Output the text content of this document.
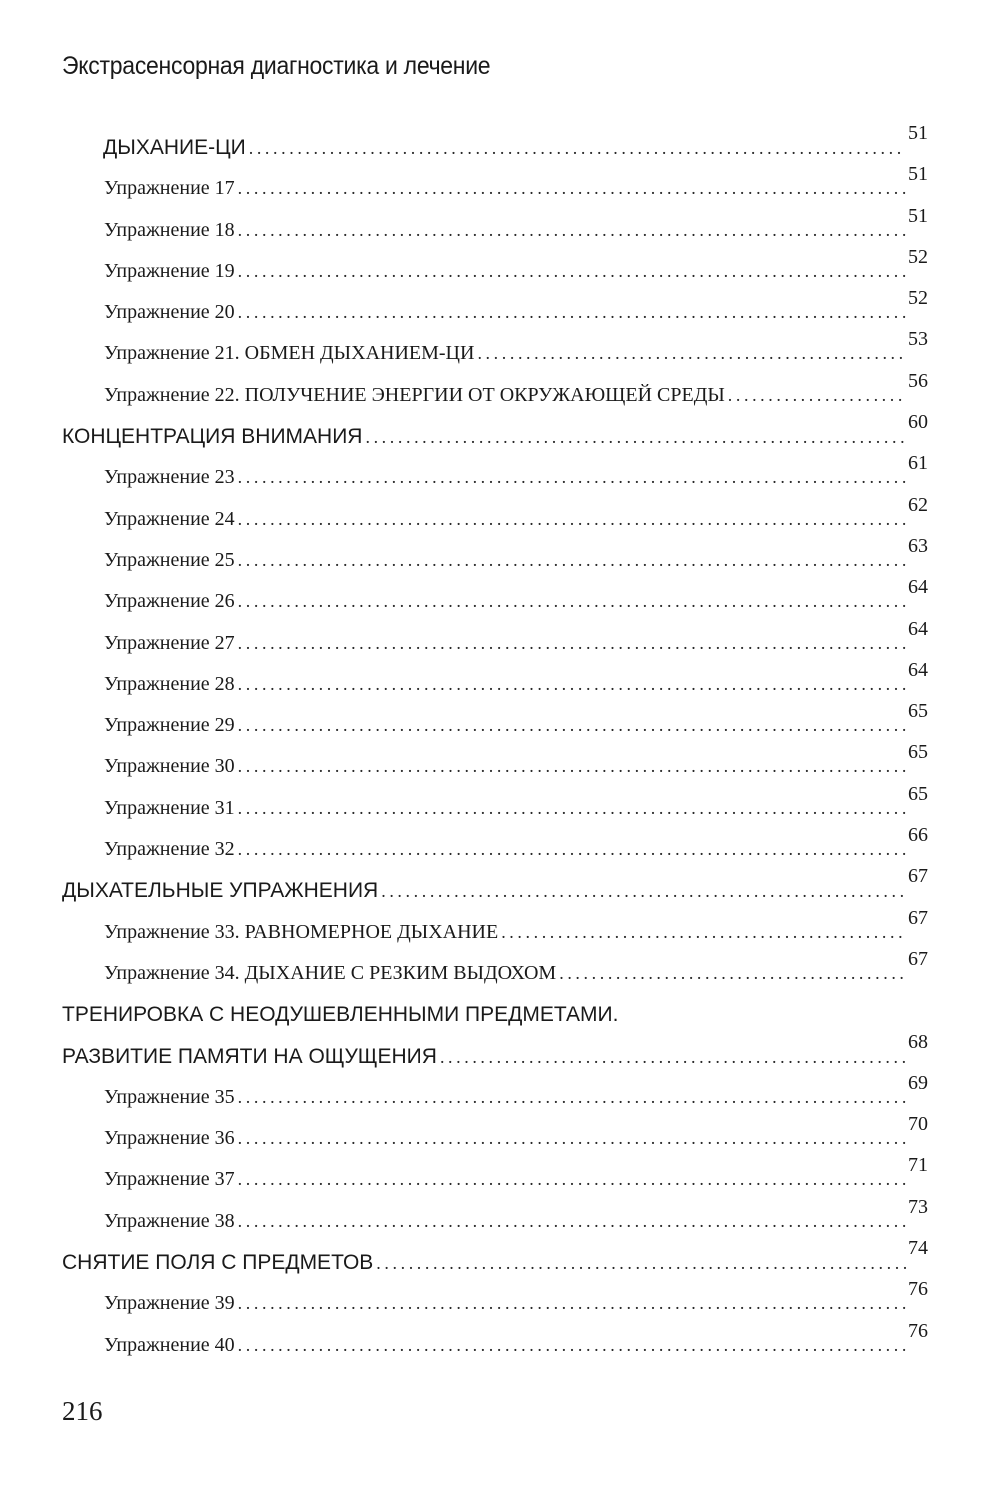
Экстрасенсорная диагностика и лечение
ДЫХАНИЕ-ЦИ
.....
51
Упражнение 17
.....
51
Упражнение 18
.....
51
Упражнение 19
.....
52
Упражнение 20
.....
52
Упражнение 21. ОБМЕН ДЫХАНИЕМ-ЦИ
.....
53
Упражнение 22. ПОЛУЧЕНИЕ ЭНЕРГИИ ОТ ОКРУЖАЮЩЕЙ СРЕДЫ
.....
56
КОНЦЕНТРАЦИЯ ВНИМАНИЯ
.....
60
Упражнение 23
.....
61
Упражнение 24
.....
62
Упражнение 25
.....
63
Упражнение 26
.....
64
Упражнение 27
.....
64
Упражнение 28
.....
64
Упражнение 29
.....
65
Упражнение 30
.....
65
Упражнение 31
.....
65
Упражнение 32
.....
66
ДЫХАТЕЛЬНЫЕ УПРАЖНЕНИЯ
.....
67
Упражнение 33. РАВНОМЕРНОЕ ДЫХАНИЕ
.....
67
Упражнение 34. ДЫХАНИЕ С РЕЗКИМ ВЫДОХОМ
.....
67
ТРЕНИРОВКА С НЕОДУШЕВЛЕННЫМИ ПРЕДМЕТАМИ.
РАЗВИТИЕ ПАМЯТИ НА ОЩУЩЕНИЯ
.....
68
Упражнение 35
.....
69
Упражнение 36
.....
70
Упражнение 37
.....
71
Упражнение 38
.....
73
СНЯТИЕ ПОЛЯ С ПРЕДМЕТОВ
.....
74
Упражнение 39
.....
76
Упражнение 40
.....
76
216
